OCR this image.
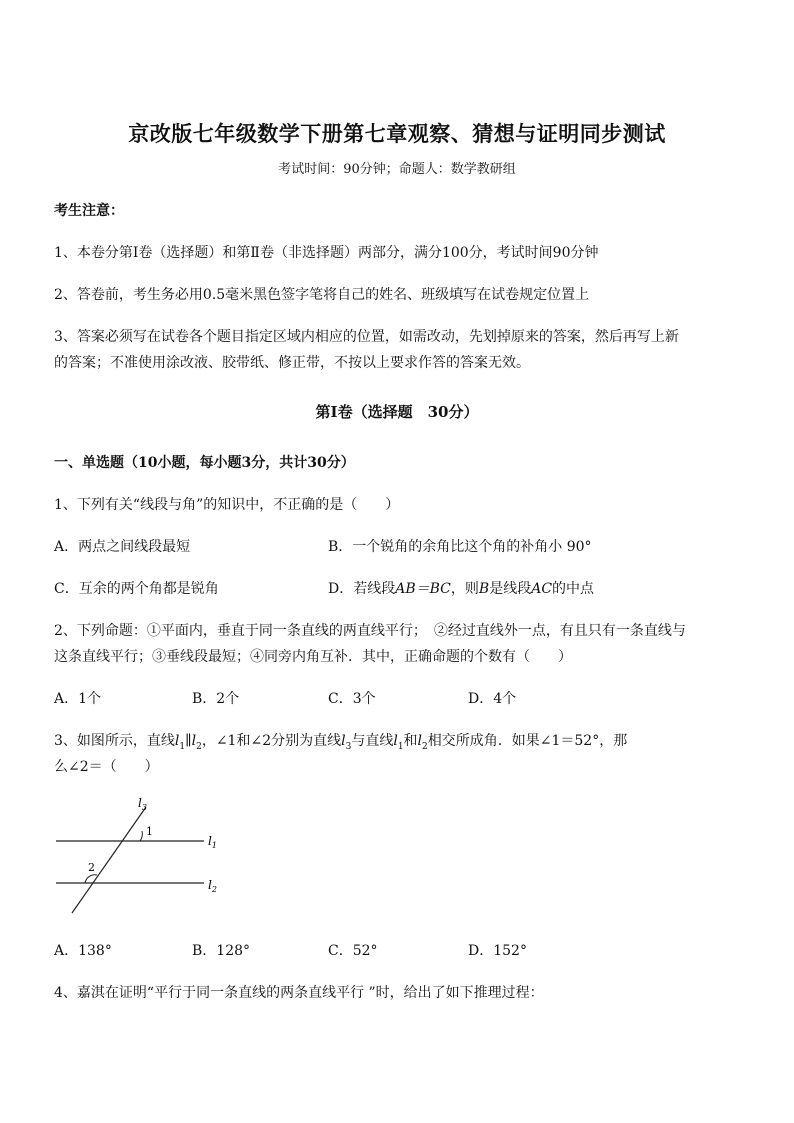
京改版七年级数学下册第七章观察、猜想与证明同步测试
考试时间：90分钟；命题人：数学教研组
考生注意：
1、本卷分第Ⅰ卷（选择题）和第Ⅱ卷（非选择题）两部分，满分100分，考试时间90分钟
2、答卷前，考生务必用0.5毫米黑色签字笔将自己的姓名、班级填写在试卷规定位置上
3、答案必须写在试卷各个题目指定区域内相应的位置，如需改动，先划掉原来的答案，然后再写上新
的答案；不准使用涂改液、胶带纸、修正带，不按以上要求作答的答案无效。
第Ⅰ卷（选择题　30分）
一、单选题（10小题，每小题3分，共计30分）
1、下列有关“线段与角”的知识中，不正确的是（　　）
A．两点之间线段最短	B．一个锐角的余角比这个角的补角小 90°
C．互余的两个角都是锐角	D．若线段AB＝BC，则B是线段AC的中点
2、下列命题：①平面内，垂直于同一条直线的两直线平行；　②经过直线外一点，有且只有一条直线与
这条直线平行；③垂线段最短；④同旁内角互补．其中，正确命题的个数有（　　）
A．1个	B．2个	C．3个	D．4个
3、如图所示，直线$l_1\parallel l_2$，∠1和∠2分别为直线$l_3$与直线$l_1$和$l_2$相交所成角．如果∠1＝52°，那
么∠2＝（　　）
$l_3$
$l_1$
$l_2$
1
2
A．138°	B．128°	C．52°	D．152°
4、嘉淇在证明“平行于同一条直线的两条直线平行 ”时，给出了如下推理过程：
